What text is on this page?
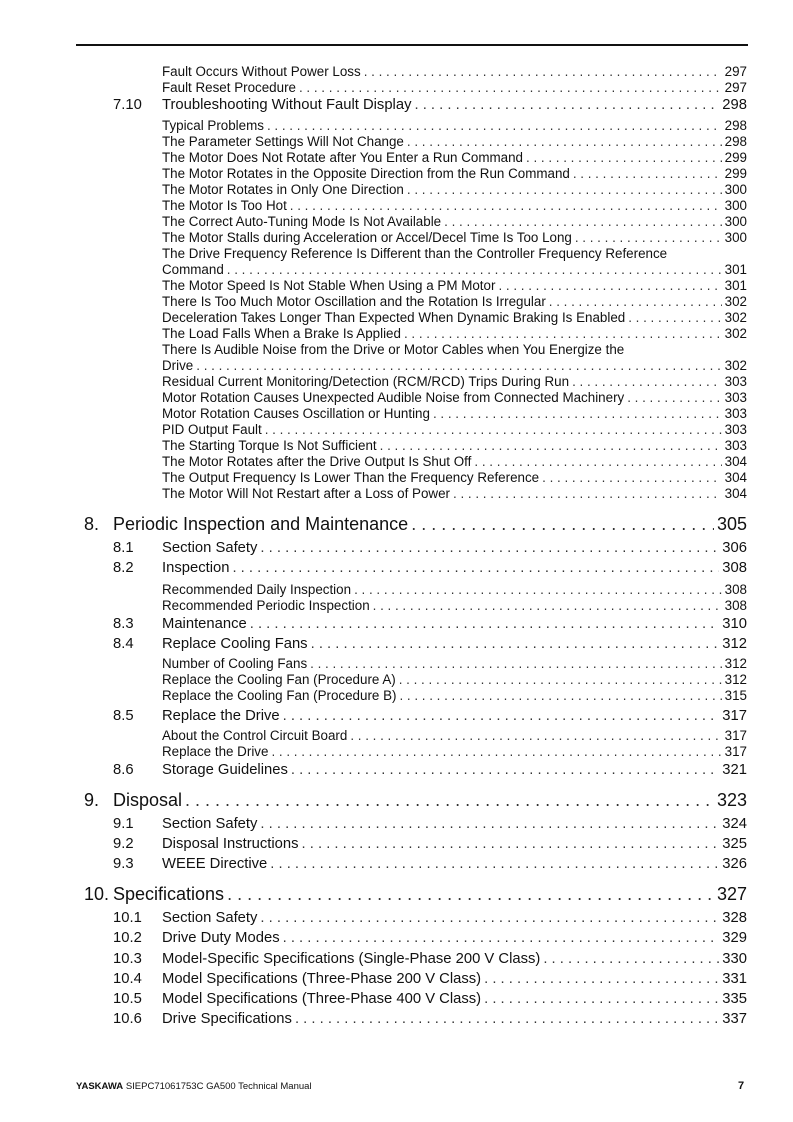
Fault Occurs Without Power Loss . . .	297
Fault Reset Procedure . . .	297
7.10 Troubleshooting Without Fault Display . . .	298
Typical Problems . . .	298
The Parameter Settings Will Not Change . . .	298
The Motor Does Not Rotate after You Enter a Run Command . . .	299
The Motor Rotates in the Opposite Direction from the Run Command . . .	299
The Motor Rotates in Only One Direction . . .	300
The Motor Is Too Hot . . .	300
The Correct Auto-Tuning Mode Is Not Available . . .	300
The Motor Stalls during Acceleration or Accel/Decel Time Is Too Long . . .	300
The Drive Frequency Reference Is Different than the Controller Frequency Reference
Command . . .	301
The Motor Speed Is Not Stable When Using a PM Motor . . .	301
There Is Too Much Motor Oscillation and the Rotation Is Irregular . . .	302
Deceleration Takes Longer Than Expected When Dynamic Braking Is Enabled . . .	302
The Load Falls When a Brake Is Applied . . .	302
There Is Audible Noise from the Drive or Motor Cables when You Energize the
Drive . . .	302
Residual Current Monitoring/Detection (RCM/RCD) Trips During Run . . .	303
Motor Rotation Causes Unexpected Audible Noise from Connected Machinery . . .	303
Motor Rotation Causes Oscillation or Hunting . . .	303
PID Output Fault . . .	303
The Starting Torque Is Not Sufficient . . .	303
The Motor Rotates after the Drive Output Is Shut Off . . .	304
The Output Frequency Is Lower Than the Frequency Reference . . .	304
The Motor Will Not Restart after a Loss of Power . . .	304
8. Periodic Inspection and Maintenance . . .	305
8.1 Section Safety . . .	306
8.2 Inspection . . .	308
Recommended Daily Inspection . . .	308
Recommended Periodic Inspection . . .	308
8.3 Maintenance . . .	310
8.4 Replace Cooling Fans . . .	312
Number of Cooling Fans . . .	312
Replace the Cooling Fan (Procedure A) . . .	312
Replace the Cooling Fan (Procedure B) . . .	315
8.5 Replace the Drive . . .	317
About the Control Circuit Board . . .	317
Replace the Drive . . .	317
8.6 Storage Guidelines . . .	321
9. Disposal . . .	323
9.1 Section Safety . . .	324
9.2 Disposal Instructions . . .	325
9.3 WEEE Directive . . .	326
10. Specifications . . .	327
10.1 Section Safety . . .	328
10.2 Drive Duty Modes . . .	329
10.3 Model-Specific Specifications (Single-Phase 200 V Class) . . .	330
10.4 Model Specifications (Three-Phase 200 V Class) . . .	331
10.5 Model Specifications (Three-Phase 400 V Class) . . .	335
10.6 Drive Specifications . . .	337
YASKAWA SIEPC71061753C GA500 Technical Manual	7
